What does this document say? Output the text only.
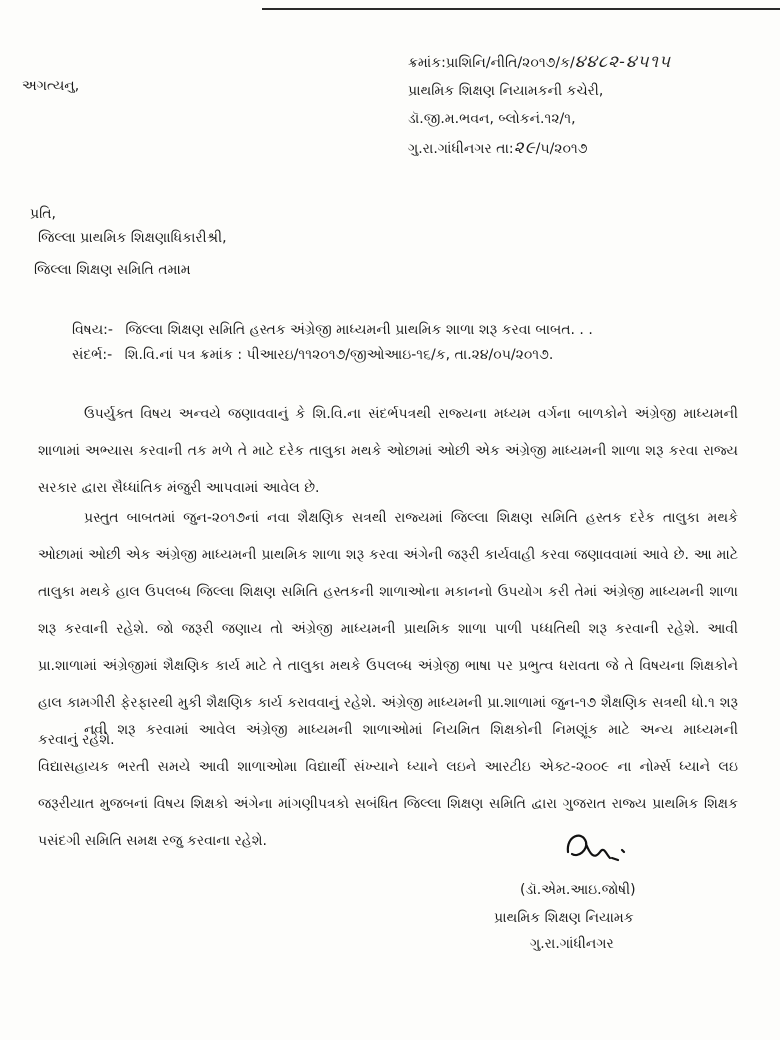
અગત્યનુ,
ક્રમાંક:પ્રાશિનિ/નીતિ/૨૦૧૭/ક/૪૪૮૨-૪૫૧૫
પ્રાથમિક શિક્ષણ નિયામકની કચેરી,
ડૉ.જી.મ.ભવન, બ્લોકનં.૧૨/૧,
ગુ.રા.ગાંધીનગર તા:૨૯/૫/૨૦૧૭
પ્રતિ,
જિલ્લા પ્રાથમિક શિક્ષણાધિકારીશ્રી,
જિલ્લા શિક્ષણ સમિતિ તમામ
વિષય:- જિલ્લા શિક્ષણ સમિતિ હસ્તક અંગ્રેજી માધ્યમની પ્રાથમિક શાળા શરૂ કરવા બાબત. . .
સંદર્ભ:- શિ.વિ.નાં પત્ર ક્રમાંક : પીઆરઇ/૧૧૨૦૧૭/જીઓઆઇ-૧૬/ક, તા.૨૪/૦૫/૨૦૧૭.
ઉપર્યુક્ત વિષય અન્વયે જણાવવાનું કે શિ.વિ.ના સંદર્ભપત્રથી રાજ્યના મધ્યમ વર્ગના બાળકોને અંગ્રેજી માધ્યમની શાળામાં અભ્યાસ કરવાની તક મળે તે માટે દરેક તાલુકા મથકે ઓછામાં ઓછી એક અંગ્રેજી માધ્યમની શાળા શરૂ કરવા રાજ્ય સરકાર દ્વારા સૈધ્ધાંતિક મંજુરી આપવામાં આવેલ છે.
પ્રસ્તુત બાબતમાં જુન-૨૦૧૭નાં નવા શૈક્ષણિક સત્રથી રાજ્યમાં જિલ્લા શિક્ષણ સમિતિ હસ્તક દરેક તાલુકા મથકે ઓછામાં ઓછી એક અંગ્રેજી માધ્યમની પ્રાથમિક શાળા શરૂ કરવા અંગેની જરૂરી કાર્યવાહી કરવા જણાવવામાં આવે છે. આ માટે તાલુકા મથકે હાલ ઉપલબ્ધ જિલ્લા શિક્ષણ સમિતિ હસ્તકની શાળાઓના મકાનનો ઉપયોગ કરી તેમાં અંગ્રેજી માધ્યમની શાળા શરૂ કરવાની રહેશે. જો જરૂરી જણાય તો અંગ્રેજી માધ્યમની પ્રાથમિક શાળા પાળી પધ્ધતિથી શરૂ કરવાની રહેશે. આવી પ્રા.શાળામાં અંગ્રેજીમાં શૈક્ષણિક કાર્ય માટે તે તાલુકા મથકે ઉપલબ્ધ અંગ્રેજી ભાષા પર પ્રભુત્વ ધરાવતા જે તે વિષયના શિક્ષકોને હાલ કામગીરી ફેરફારથી મુકી શૈક્ષણિક કાર્ય કરાવવાનું રહેશે. અંગ્રેજી માધ્યમની પ્રા.શાળામાં જુન-૧૭ શૈક્ષણિક સત્રથી ધો.૧ શરૂ કરવાનું રહેશે.
નવી શરૂ કરવામાં આવેલ અંગ્રેજી માધ્યમની શાળાઓમાં નિયમિત શિક્ષકોની નિમણૂંક માટે અન્ય માધ્યમની વિદ્યાસહાયક ભરતી સમયે આવી શાળાઓમા વિદ્યાર્થી સંખ્યાને ધ્યાને લઇને આરટીઇ એક્ટ-૨૦૦૯ ના નોર્મ્સ ધ્યાને લઇ જરૂરીયાત મુજબનાં વિષય શિક્ષકો અંગેના માંગણીપત્રકો સબંધિત જિલ્લા શિક્ષણ સમિતિ દ્વારા ગુજરાત રાજ્ય પ્રાથમિક શિક્ષક પસંદગી સમિતિ સમક્ષ રજુ કરવાના રહેશે.
(ડૉ.એમ.આઇ.જોષી)
પ્રાથમિક શિક્ષણ નિયામક
ગુ.રા.ગાંધીનગર
